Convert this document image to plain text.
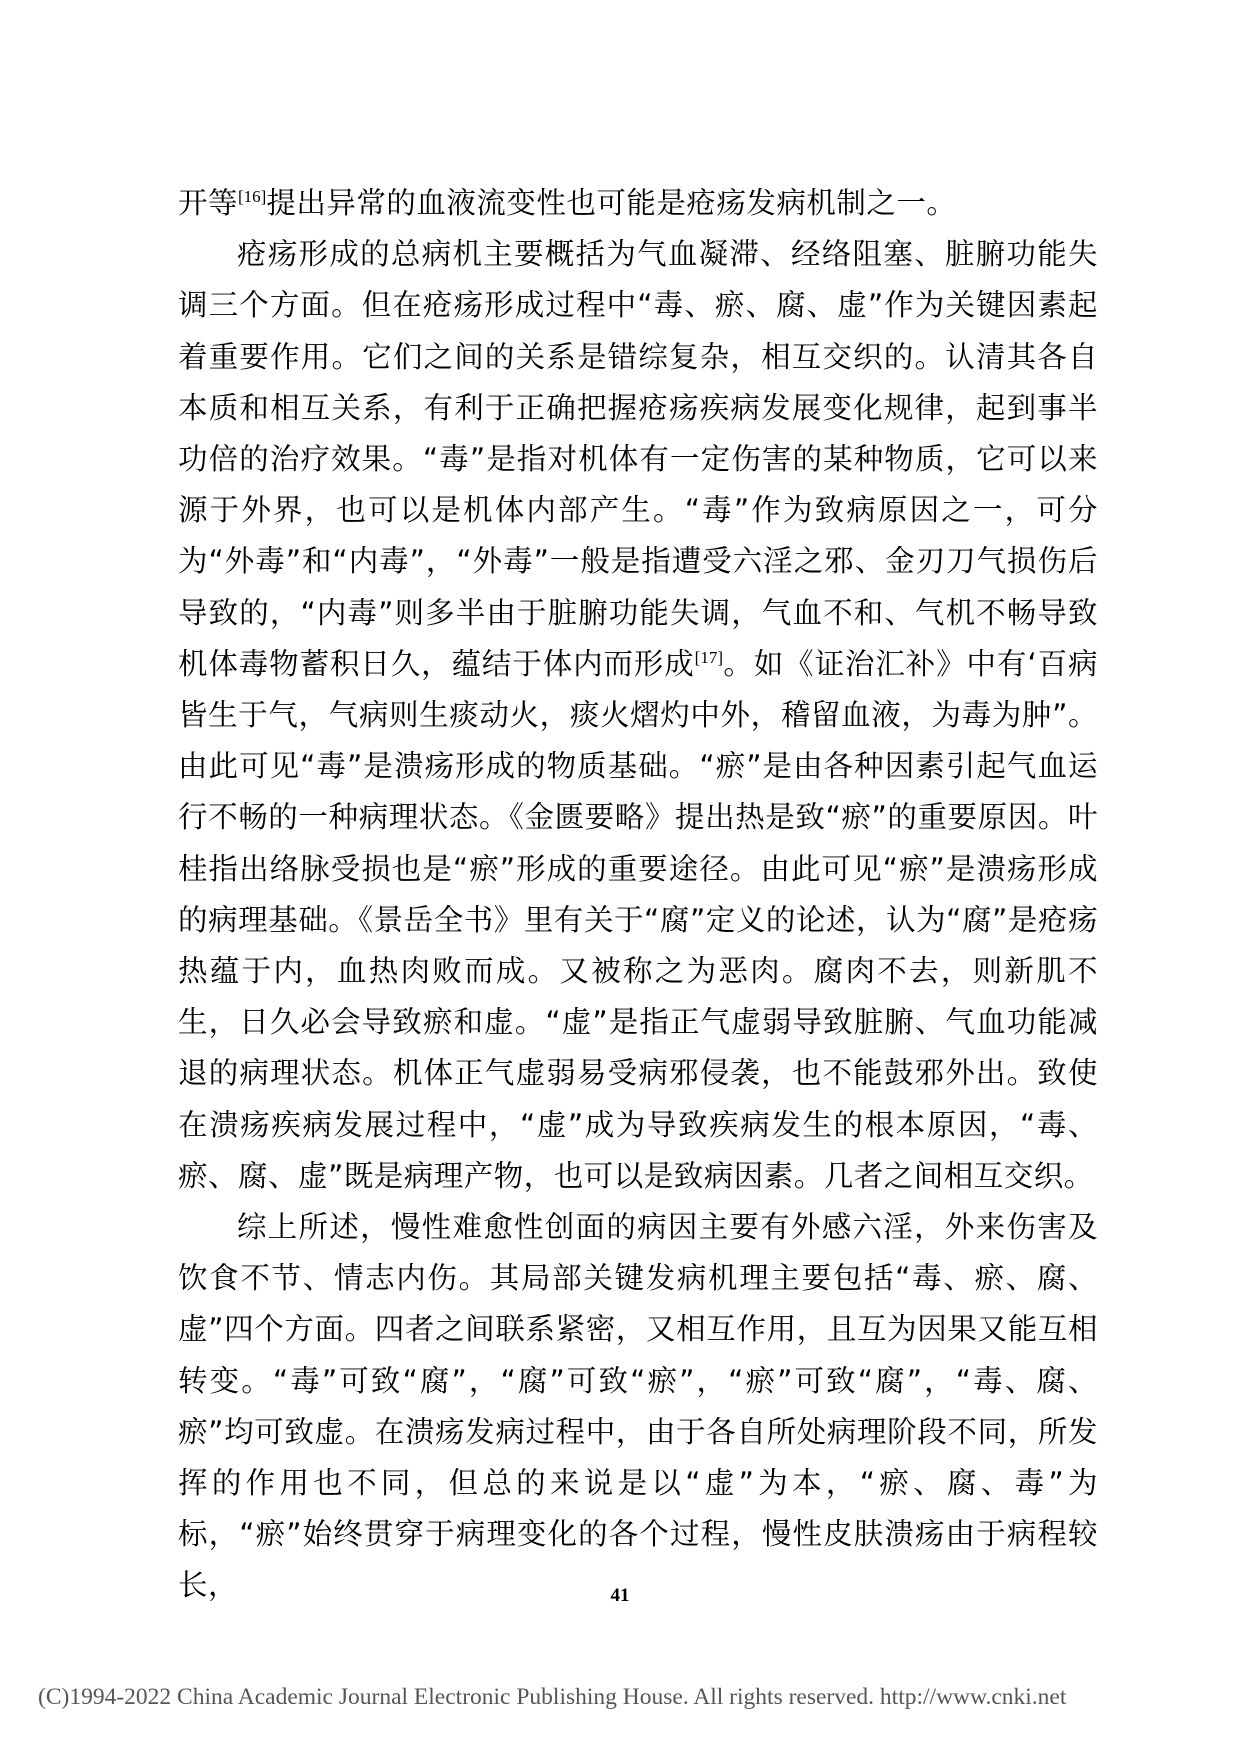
开等[16]提出异常的血液流变性也可能是疮疡发病机制之一。

疮疡形成的总病机主要概括为气血凝滞、经络阻塞、脏腑功能失调三个方面。但在疮疡形成过程中“毒、瘀、腐、虚”作为关键因素起着重要作用。它们之间的关系是错综复杂，相互交织的。认清其各自本质和相互关系，有利于正确把握疮疡疾病发展变化规律，起到事半功倍的治疗效果。“毒”是指对机体有一定伤害的某种物质，它可以来源于外界，也可以是机体内部产生。“毒”作为致病原因之一，可分为“外毒”和“内毒”，“外毒”一般是指遭受六淫之邪、金刃刀气损伤后导致的，“内毒”则多半由于脏腑功能失调，气血不和、气机不畅导致机体毒物蓄积日久，蕴结于体内而形成[17]。如《证治汇补》中有‘百病皆生于气，气病则生痰动火，痰火熠灼中外，稽留血液，为毒为肿”。由此可见“毒”是溃疡形成的物质基础。“瘀”是由各种因素引起气血运行不畅的一种病理状态。《金匮要略》提出热是致“瘀”的重要原因。叶桂指出络脉受损也是“瘀”形成的重要途径。由此可见“瘀”是溃疡形成的病理基础。《景岳全书》里有关于“腐”定义的论述，认为“腐”是疮疡热蕴于内，血热肉败而成。又被称之为恶肉。腐肉不去，则新肌不生，日久必会导致瘀和虚。“虚”是指正气虚弱导致脏腑、气血功能减退的病理状态。机体正气虚弱易受病邪侵袭，也不能鼓邪外出。致使在溃疡疾病发展过程中，“虚”成为导致疾病发生的根本原因，“毒、瘀、腐、虚”既是病理产物，也可以是致病因素。几者之间相互交织。

综上所述，慢性难愈性创面的病因主要有外感六淫，外来伤害及饮食不节、情志内伤。其局部关键发病机理主要包括“毒、瘀、腐、虚”四个方面。四者之间联系紧密，又相互作用，且互为因果又能互相转变。“毒”可致“腐”，“腐”可致“瘀”，“瘀”可致“腐”，“毒、腐、瘀”均可致虚。在溃疡发病过程中，由于各自所处病理阶段不同，所发挥的作用也不同，但总的来说是以“虚”为本，“瘀、腐、毒”为标，“瘀”始终贯穿于病理变化的各个过程，慢性皮肤溃疡由于病程较长，	41
(C)1994-2022 China Academic Journal Electronic Publishing House. All rights reserved. http://www.cnki.net
